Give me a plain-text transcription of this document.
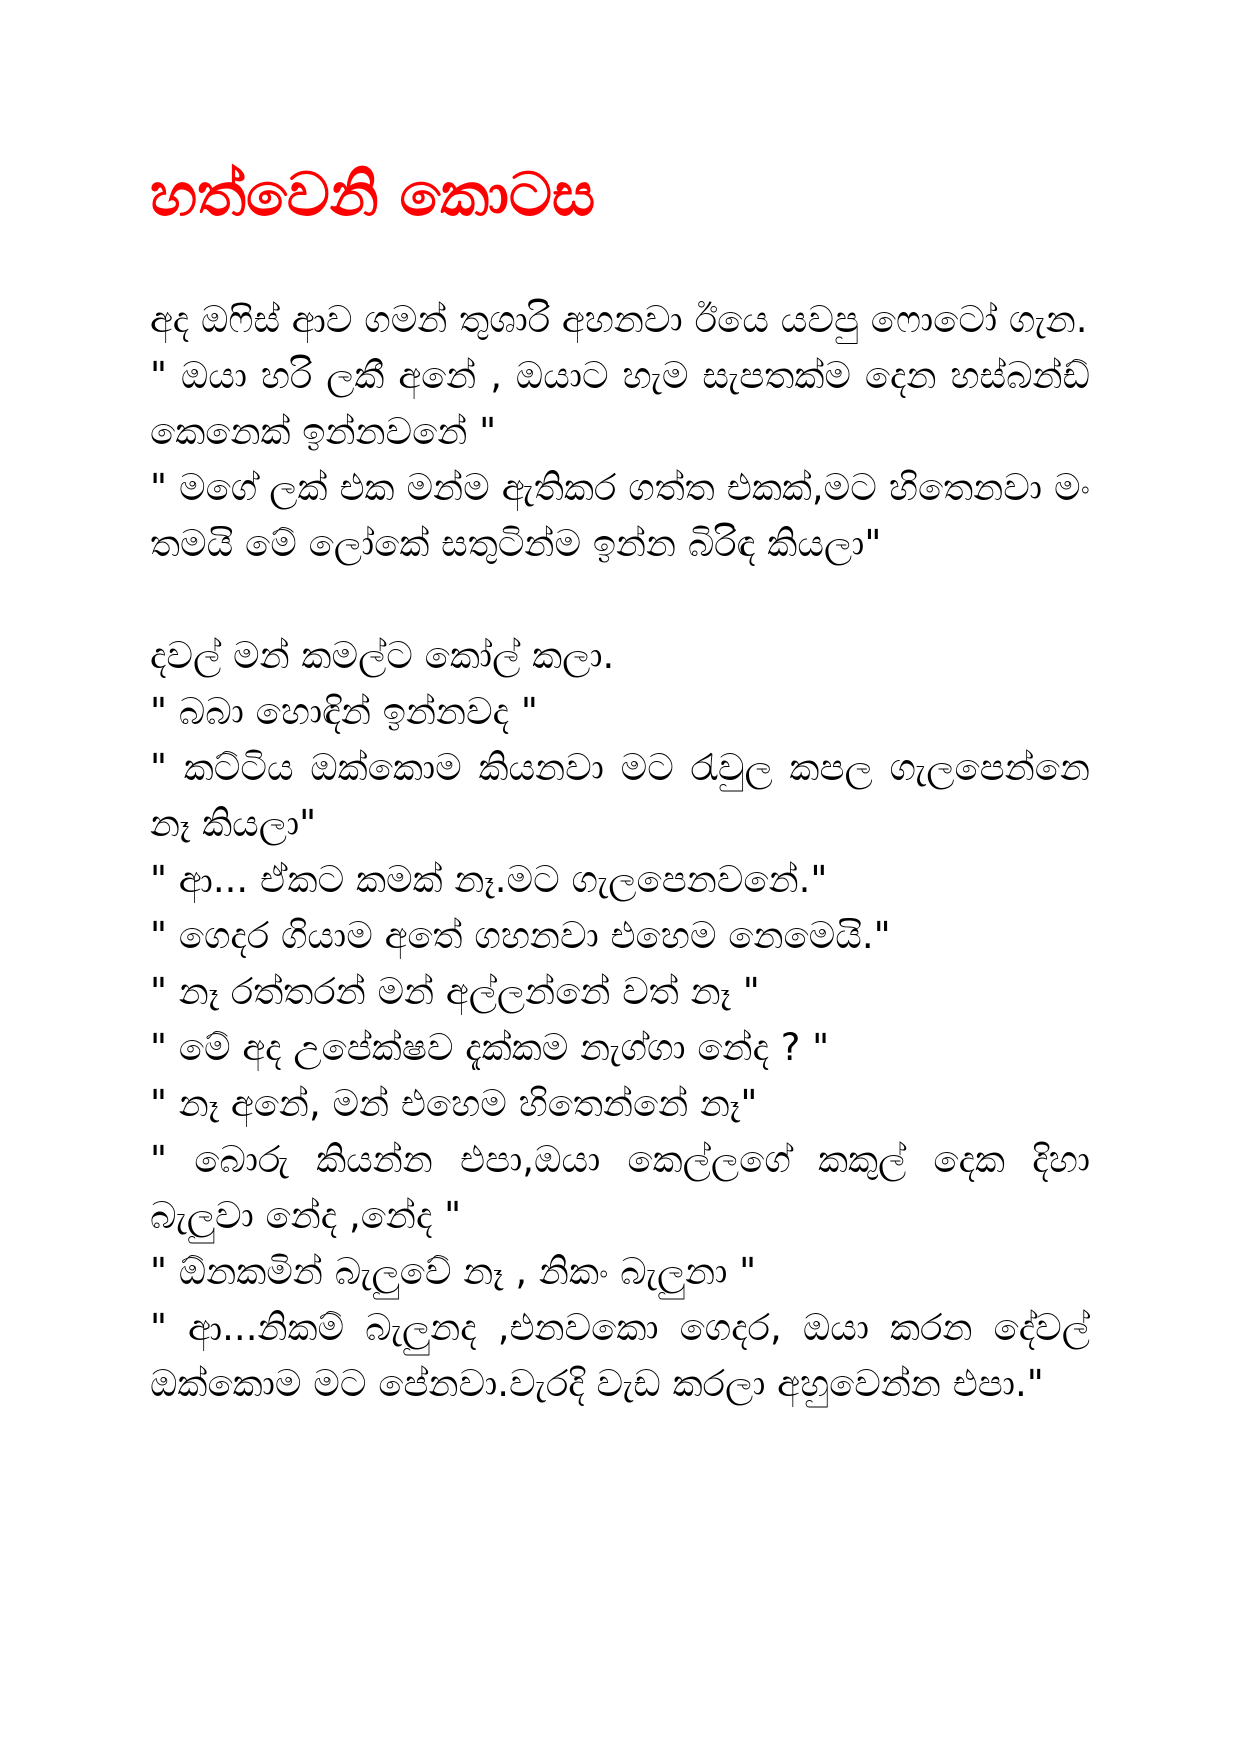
හත්වෙනි කොටස

අද ඔෆිස් ආව ගමන් තුශාරි අහනවා ඊයෙ යවපු ෆොටෝ ගැන.

" ඔයා හරි ලකී අනේ , ඔයාට හැම සැපතක්ම දෙන හස්බන්ඩ් කෙනෙක් ඉන්නවනේ "

" මගේ ලක් එක මන්ම ඇතිකර ගත්ත එකක්,මට හිතෙනවා මං තමයි මේ ලෝකේ සතුටින්ම ඉන්න බිරිඳ කියලා"

දවල් මන් කමල්ට කෝල් කලා.

" බබා හොඳින් ඉන්නවද "

" කට්ටිය ඔක්කොම කියනවා මට රැවුල කපල ගැලපෙන්නෙ නෑ කියලා"

" ආ... ඒකට කමක් නෑ.මට ගැලපෙනවනේ."

" ගෙදර ගියාම අතේ ගහනවා එහෙම නෙමෙයි."

" නෑ රත්තරන් මන් අල්ලන්නේ වත් නෑ "

" මේ අද උපේක්ෂව දැක්කම නැග්ගා නේද ? "

" නෑ අනේ, මන් එහෙම හිතෙන්නේ නෑ"

" බොරු කියන්න එපා,ඔයා කෙල්ලගේ කකුල් දෙක දිහා බැලුවා නේද ,නේද "

" ඕනකමින් බැලුවේ නෑ , නිකං බැලුනා "

" ආ...නිකම් බැලුනද ,එනවකො ගෙදර, ඔයා කරන දේවල් ඔක්කොම මට පේනවා.වැරදි වැඩ කරලා අහුවෙන්න එපා."
